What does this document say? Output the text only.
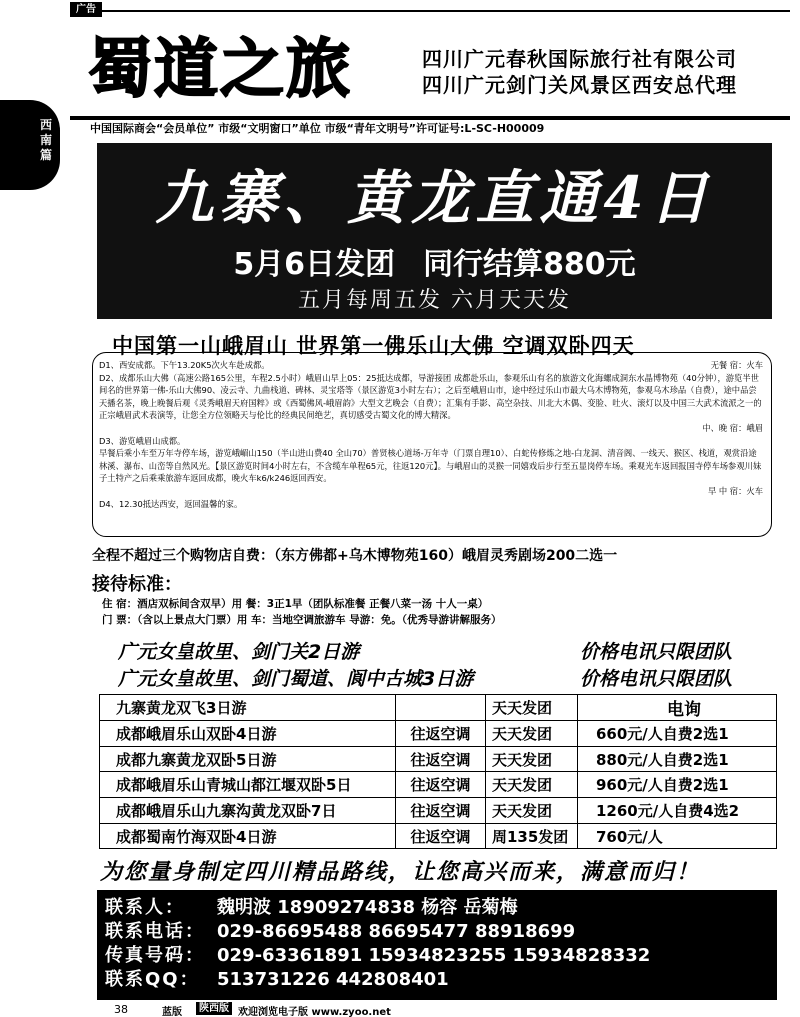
广告
西南篇
蜀道之旅	四川广元春秋国际旅行社有限公司
四川广元剑门关风景区西安总代理
中国国际商会“会员单位” 市级“文明窗口”单位 市级“青年文明号”许可证号:L-SC-H00009
九寨、黄龙直通4日
5月6日发团 同行结算880元
五月每周五发 六月天天发
中国第一山峨眉山 世界第一佛乐山大佛 空调双卧四天
D1、西安成都。下午13.20K5次火车赴成都。	无餐 宿：火车
D2、成都乐山大佛（高速公路165公里，车程2.5小时）峨眉山早上05：25抵达成都，导游接团 成都赴乐山，参观乐山有名的旅游文化海螺成洞东水晶博物苑（40分钟），游览半世间名的世界第一佛-乐山大佛90、凌云寺、九曲栈道、碑林、灵宝塔等（景区游览3小时左右）；之后至峨眉山市，途中经过乐山市最大乌木博物苑，参观乌木珍品（自费），途中品尝天播名茶，晚上晚餐后观《灵秀峨眉天府国粹》或《西蜀佛风-峨眉韵》大型文艺晚会（自费）；汇集有手影、高空杂技、川北大木偶、变脸、吐火、滚灯以及中国三大武术流派之一的正宗峨眉武术表演等，让您全方位领略天与伦比的经典民间绝艺，真切感受古蜀文化的博大精深。
中、晚 宿：峨眉

D3、游览峨眉山成都。
早餐后乘小车至万年寺停车场，游览峨嵋山150（半山进山费40 全山70）普贤核心道场-万年寺（门票自理10）、白蛇传修炼之地-白龙洞、清音阁、一线天、猴区、栈道，观赏沿途林溪、瀑布、山峦等自然风光。【景区游览时间4小时左右，不含缆车单程65元，往返120元】。与峨眉山的灵猴一同嬉戏后步行至五显岗停车场。乘观光车返回报国寺停车场参观川妹子土特产之后乘乘旅游车返回成都，晚火车k6/k246返回西安。
早 中 宿：火车

D4、12.30抵达西安，返回温馨的家。
全程不超过三个购物店自费：（东方佛都+乌木博物苑160）峨眉灵秀剧场200二选一
接待标准：
住 宿：酒店双标间含双早）用 餐：3正1早（团队标准餐 正餐八菜一汤 十人一桌）
门 票：（含以上景点大门票）用 车：当地空调旅游车 导游：免。（优秀导游讲解服务）
广元女皇故里、剑门关2日游	价格电讯只限团队
广元女皇故里、剑门蜀道、阆中古城3日游	价格电讯只限团队
九寨黄龙双飞3日游		天天发团	电询
成都峨眉乐山双卧4日游	往返空调	天天发团	660元/人自费2选1
成都九寨黄龙双卧5日游	往返空调	天天发团	880元/人自费2选1
成都峨眉乐山青城山都江堰双卧5日	往返空调	天天发团	960元/人自费2选1
成都峨眉乐山九寨沟黄龙双卧7日	往返空调	天天发团	1260元/人自费4选2
成都蜀南竹海双卧4日游	往返空调	周135发团	760元/人
为您量身制定四川精品路线，让您高兴而来，满意而归！
联系人： 魏明波 18909274838 杨容 岳菊梅
联系电话： 029-86695488 86695477 88918699
传真号码： 029-63361891 15934823255 15934828332
联系QQ： 513731226 442808401
38	蓝版	陕西版 欢迎浏览电子版 www.zyoo.net
